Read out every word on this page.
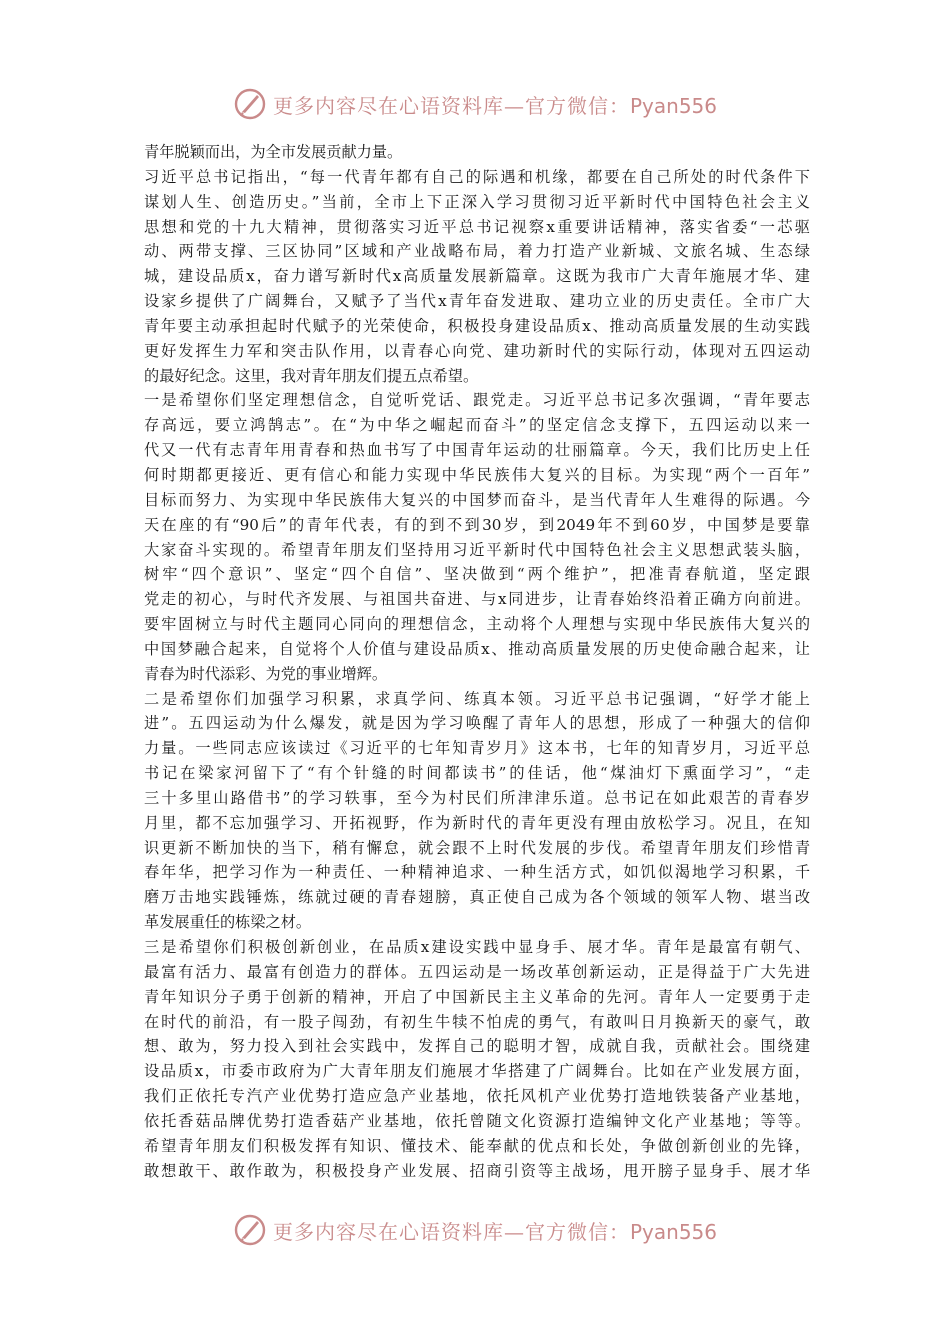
更多内容尽在心语资料库—官方微信：Pyan556
青年脱颖而出，为全市发展贡献力量。
习近平总书记指出，“每一代青年都有自己的际遇和机缘，都要在自己所处的时代条件下
谋划人生、创造历史。”当前，全市上下正深入学习贯彻习近平新时代中国特色社会主义
思想和党的十九大精神，贯彻落实习近平总书记视察x重要讲话精神，落实省委“一芯驱
动、两带支撑、三区协同”区域和产业战略布局，着力打造产业新城、文旅名城、生态绿
城，建设品质x，奋力谱写新时代x高质量发展新篇章。这既为我市广大青年施展才华、建
设家乡提供了广阔舞台，又赋予了当代x青年奋发进取、建功立业的历史责任。全市广大
青年要主动承担起时代赋予的光荣使命，积极投身建设品质x、推动高质量发展的生动实践
更好发挥生力军和突击队作用，以青春心向党、建功新时代的实际行动，体现对五四运动
的最好纪念。这里，我对青年朋友们提五点希望。
一是希望你们坚定理想信念，自觉听党话、跟党走。习近平总书记多次强调，“青年要志
存高远，要立鸿鹄志”。在“为中华之崛起而奋斗”的坚定信念支撑下，五四运动以来一
代又一代有志青年用青春和热血书写了中国青年运动的壮丽篇章。今天，我们比历史上任
何时期都更接近、更有信心和能力实现中华民族伟大复兴的目标。为实现“两个一百年”
目标而努力、为实现中华民族伟大复兴的中国梦而奋斗，是当代青年人生难得的际遇。今
天在座的有“90后”的青年代表，有的到不到30岁，到2049年不到60岁，中国梦是要靠
大家奋斗实现的。希望青年朋友们坚持用习近平新时代中国特色社会主义思想武装头脑，
树牢“四个意识”、坚定“四个自信”、坚决做到“两个维护”，把准青春航道，坚定跟
党走的初心，与时代齐发展、与祖国共奋进、与x同进步，让青春始终沿着正确方向前进。
要牢固树立与时代主题同心同向的理想信念，主动将个人理想与实现中华民族伟大复兴的
中国梦融合起来，自觉将个人价值与建设品质x、推动高质量发展的历史使命融合起来，让
青春为时代添彩、为党的事业增辉。
二是希望你们加强学习积累，求真学问、练真本领。习近平总书记强调，“好学才能上
进”。五四运动为什么爆发，就是因为学习唤醒了青年人的思想，形成了一种强大的信仰
力量。一些同志应该读过《习近平的七年知青岁月》这本书，七年的知青岁月，习近平总
书记在梁家河留下了“有个针缝的时间都读书”的佳话，他“煤油灯下熏面学习”，“走
三十多里山路借书”的学习轶事，至今为村民们所津津乐道。总书记在如此艰苦的青春岁
月里，都不忘加强学习、开拓视野，作为新时代的青年更没有理由放松学习。况且，在知
识更新不断加快的当下，稍有懈怠，就会跟不上时代发展的步伐。希望青年朋友们珍惜青
春年华，把学习作为一种责任、一种精神追求、一种生活方式，如饥似渴地学习积累，千
磨万击地实践锤炼，练就过硬的青春翅膀，真正使自己成为各个领域的领军人物、堪当改
革发展重任的栋梁之材。
三是希望你们积极创新创业，在品质x建设实践中显身手、展才华。青年是最富有朝气、
最富有活力、最富有创造力的群体。五四运动是一场改革创新运动，正是得益于广大先进
青年知识分子勇于创新的精神，开启了中国新民主主义革命的先河。青年人一定要勇于走
在时代的前沿，有一股子闯劲，有初生牛犊不怕虎的勇气，有敢叫日月换新天的豪气，敢
想、敢为，努力投入到社会实践中，发挥自己的聪明才智，成就自我，贡献社会。围绕建
设品质x，市委市政府为广大青年朋友们施展才华搭建了广阔舞台。比如在产业发展方面，
我们正依托专汽产业优势打造应急产业基地，依托风机产业优势打造地铁装备产业基地，
依托香菇品牌优势打造香菇产业基地，依托曾随文化资源打造编钟文化产业基地；等等。
希望青年朋友们积极发挥有知识、懂技术、能奉献的优点和长处，争做创新创业的先锋，
敢想敢干、敢作敢为，积极投身产业发展、招商引资等主战场，甩开膀子显身手、展才华
更多内容尽在心语资料库—官方微信：Pyan556
